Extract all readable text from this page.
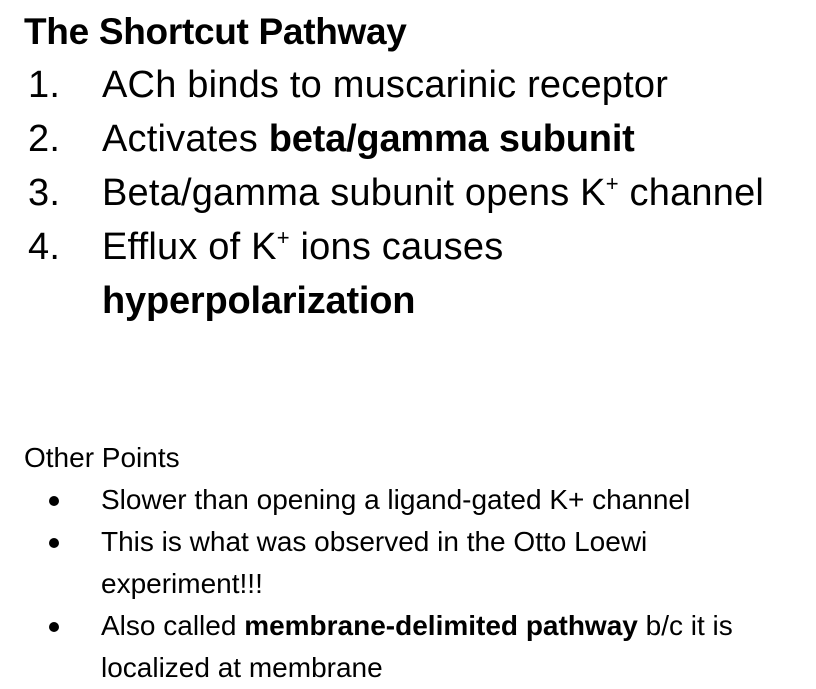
The Shortcut Pathway
1.	ACh binds to muscarinic receptor
2.	Activates beta/gamma subunit
3.	Beta/gamma subunit opens K+ channel
4.	Efflux of K+ ions causes hyperpolarization
Other Points
Slower than opening a ligand-gated K+ channel
This is what was observed in the Otto Loewi experiment!!!
Also called membrane-delimited pathway b/c it is localized at membrane
